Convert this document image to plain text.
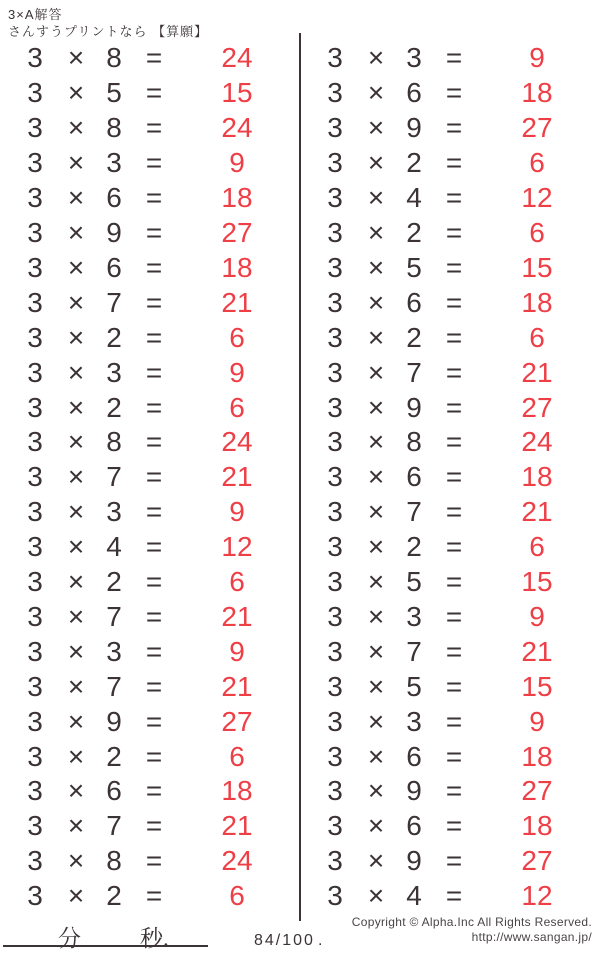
3×A解答
さんすうプリントなら 【算願】
3 × 8 =	24
3 × 5 =	15
3 × 8 =	24
3 × 3 =	9
3 × 6 =	18
3 × 9 =	27
3 × 6 =	18
3 × 7 =	21
3 × 2 =	6
3 × 3 =	9
3 × 2 =	6
3 × 8 =	24
3 × 7 =	21
3 × 3 =	9
3 × 4 =	12
3 × 2 =	6
3 × 7 =	21
3 × 3 =	9
3 × 7 =	21
3 × 9 =	27
3 × 2 =	6
3 × 6 =	18
3 × 7 =	21
3 × 8 =	24
3 × 2 =	6
3 × 3 =	9
3 × 6 =	18
3 × 9 =	27
3 × 2 =	6
3 × 4 =	12
3 × 2 =	6
3 × 5 =	15
3 × 6 =	18
3 × 2 =	6
3 × 7 =	21
3 × 9 =	27
3 × 8 =	24
3 × 6 =	18
3 × 7 =	21
3 × 2 =	6
3 × 5 =	15
3 × 3 =	9
3 × 7 =	21
3 × 5 =	15
3 × 3 =	9
3 × 6 =	18
3 × 9 =	27
3 × 6 =	18
3 × 9 =	27
3 × 4 =	12
分	秒.	84/100 .
Copyright © Alpha.Inc All Rights Reserved.
http://www.sangan.jp/
